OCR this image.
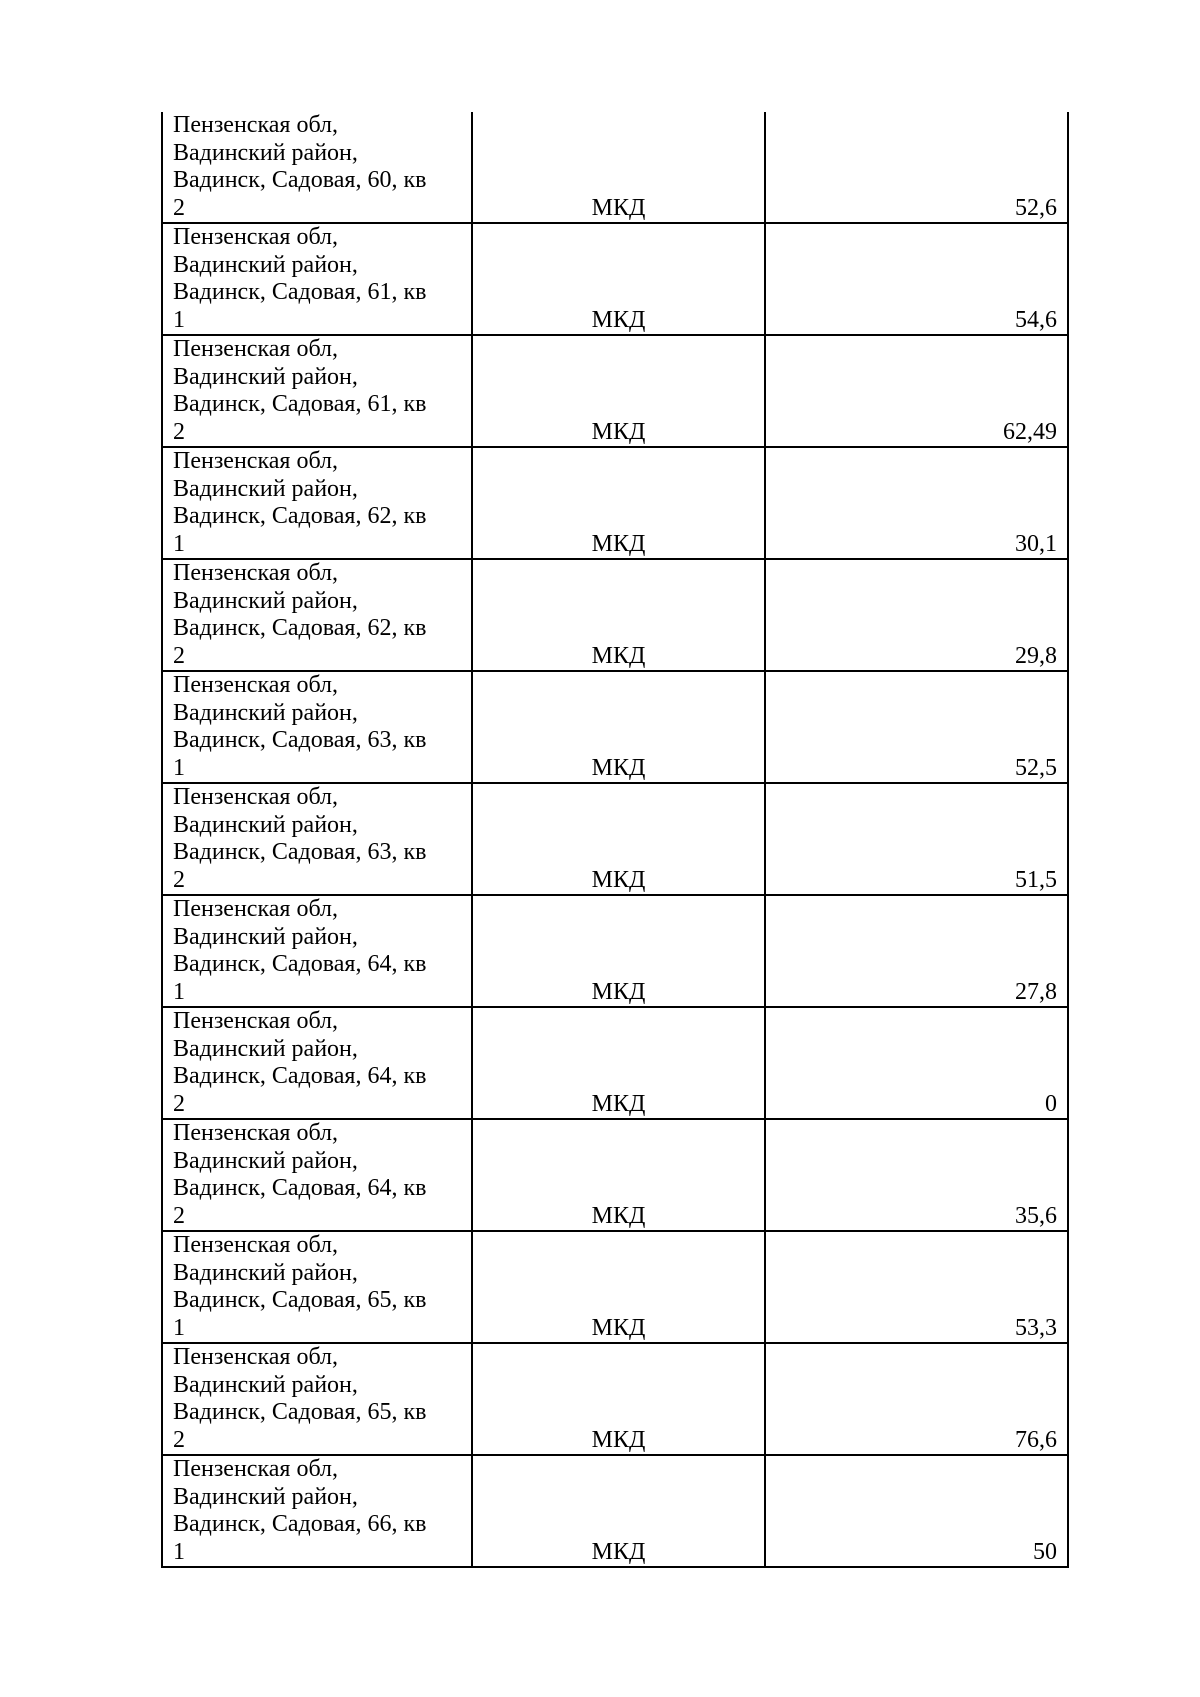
Пензенская обл, Вадинский район, Вадинск, Садовая, 60, кв 2	МКД	52,6

Пензенская обл, Вадинский район, Вадинск, Садовая, 61, кв 1	МКД	54,6

Пензенская обл, Вадинский район, Вадинск, Садовая, 61, кв 2	МКД	62,49

Пензенская обл, Вадинский район, Вадинск, Садовая, 62, кв 1	МКД	30,1

Пензенская обл, Вадинский район, Вадинск, Садовая, 62, кв 2	МКД	29,8

Пензенская обл, Вадинский район, Вадинск, Садовая, 63, кв 1	МКД	52,5

Пензенская обл, Вадинский район, Вадинск, Садовая, 63, кв 2	МКД	51,5

Пензенская обл, Вадинский район, Вадинск, Садовая, 64, кв 1	МКД	27,8

Пензенская обл, Вадинский район, Вадинск, Садовая, 64, кв 2	МКД	0

Пензенская обл, Вадинский район, Вадинск, Садовая, 64, кв 2	МКД	35,6

Пензенская обл, Вадинский район, Вадинск, Садовая, 65, кв 1	МКД	53,3

Пензенская обл, Вадинский район, Вадинск, Садовая, 65, кв 2	МКД	76,6

Пензенская обл, Вадинский район, Вадинск, Садовая, 66, кв 1	МКД	50
